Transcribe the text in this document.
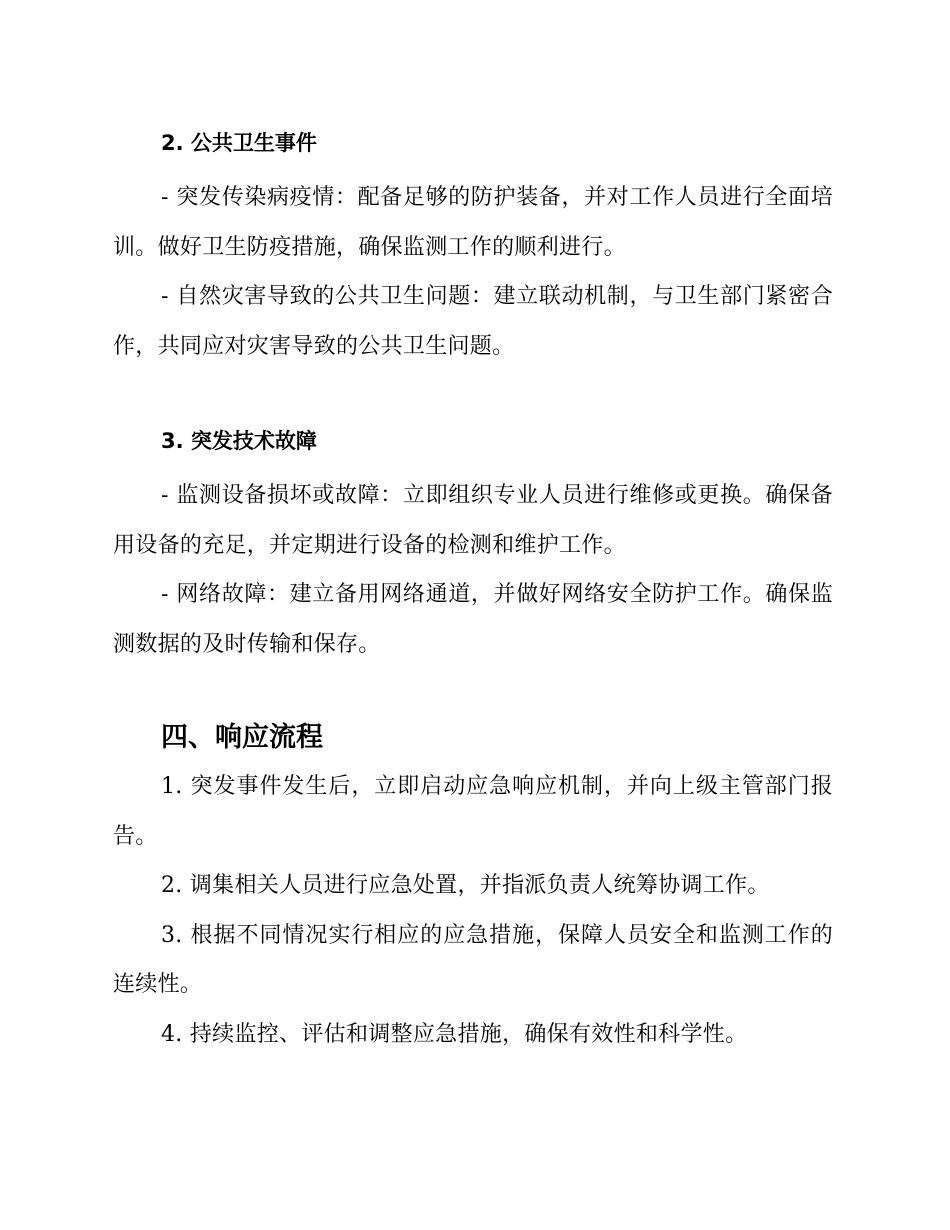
2. 公共卫生事件

- 突发传染病疫情：配备足够的防护装备，并对工作人员进行全面培训。做好卫生防疫措施，确保监测工作的顺利进行。

- 自然灾害导致的公共卫生问题：建立联动机制，与卫生部门紧密合作，共同应对灾害导致的公共卫生问题。

3. 突发技术故障

- 监测设备损坏或故障：立即组织专业人员进行维修或更换。确保备用设备的充足，并定期进行设备的检测和维护工作。

- 网络故障：建立备用网络通道，并做好网络安全防护工作。确保监测数据的及时传输和保存。

四、响应流程

1. 突发事件发生后，立即启动应急响应机制，并向上级主管部门报告。

2. 调集相关人员进行应急处置，并指派负责人统筹协调工作。

3. 根据不同情况实行相应的应急措施，保障人员安全和监测工作的连续性。

4. 持续监控、评估和调整应急措施，确保有效性和科学性。
